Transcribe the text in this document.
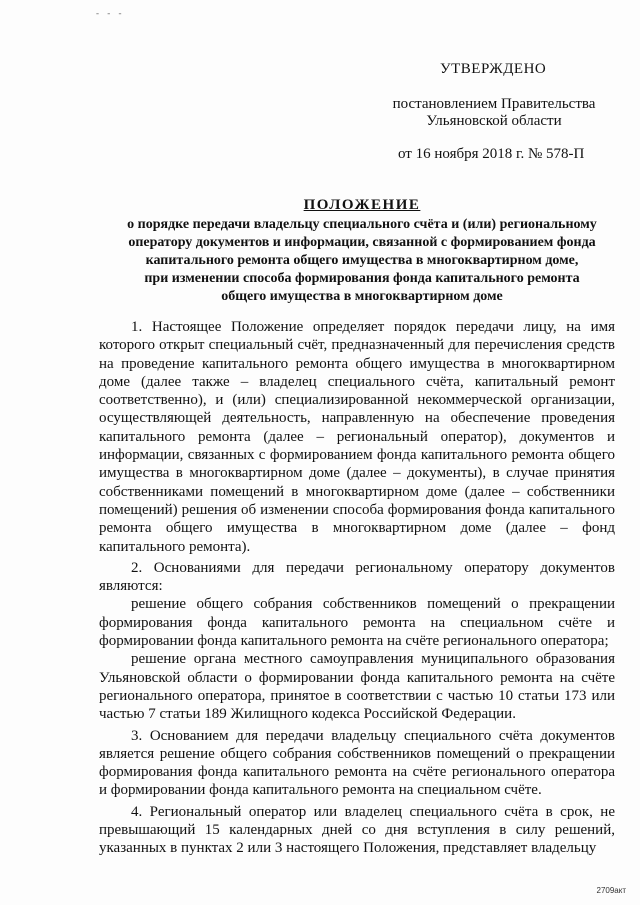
- - -
УТВЕРЖДЕНО
постановлением Правительства
Ульяновской области
от 16 ноября 2018 г. № 578-П
ПОЛОЖЕНИЕ
о порядке передачи владельцу специального счёта и (или) региональному
оператору документов и информации, связанной с формированием фонда
капитального ремонта общего имущества в многоквартирном доме,
при изменении способа формирования фонда капитального ремонта
общего имущества в многоквартирном доме

1. Настоящее Положение определяет порядок передачи лицу, на имя которого открыт специальный счёт, предназначенный для перечисления средств на проведение капитального ремонта общего имущества в многоквартирном доме (далее также – владелец специального счёта, капитальный ремонт соответственно), и (или) специализированной некоммерческой организации, осуществляющей деятельность, направленную на обеспечение проведения капитального ремонта (далее – региональный оператор), документов и информации, связанных с формированием фонда капитального ремонта общего имущества в многоквартирном доме (далее – документы), в случае принятия собственниками помещений в многоквартирном доме (далее – собственники помещений) решения об изменении способа формирования фонда капитального ремонта общего имущества в многоквартирном доме (далее – фонд капитального ремонта).

2. Основаниями для передачи региональному оператору документов являются:

решение общего собрания собственников помещений о прекращении формирования фонда капитального ремонта на специальном счёте и формировании фонда капитального ремонта на счёте регионального оператора;

решение органа местного самоуправления муниципального образования Ульяновской области о формировании фонда капитального ремонта на счёте регионального оператора, принятое в соответствии с частью 10 статьи 173 или частью 7 статьи 189 Жилищного кодекса Российской Федерации.

3. Основанием для передачи владельцу специального счёта документов является решение общего собрания собственников помещений о прекращении формирования фонда капитального ремонта на счёте регионального оператора и формировании фонда капитального ремонта на специальном счёте.

4. Региональный оператор или владелец специального счёта в срок, не превышающий 15 календарных дней со дня вступления в силу решений, указанных в пунктах 2 или 3 настоящего Положения, представляет владельцу

2709акт
